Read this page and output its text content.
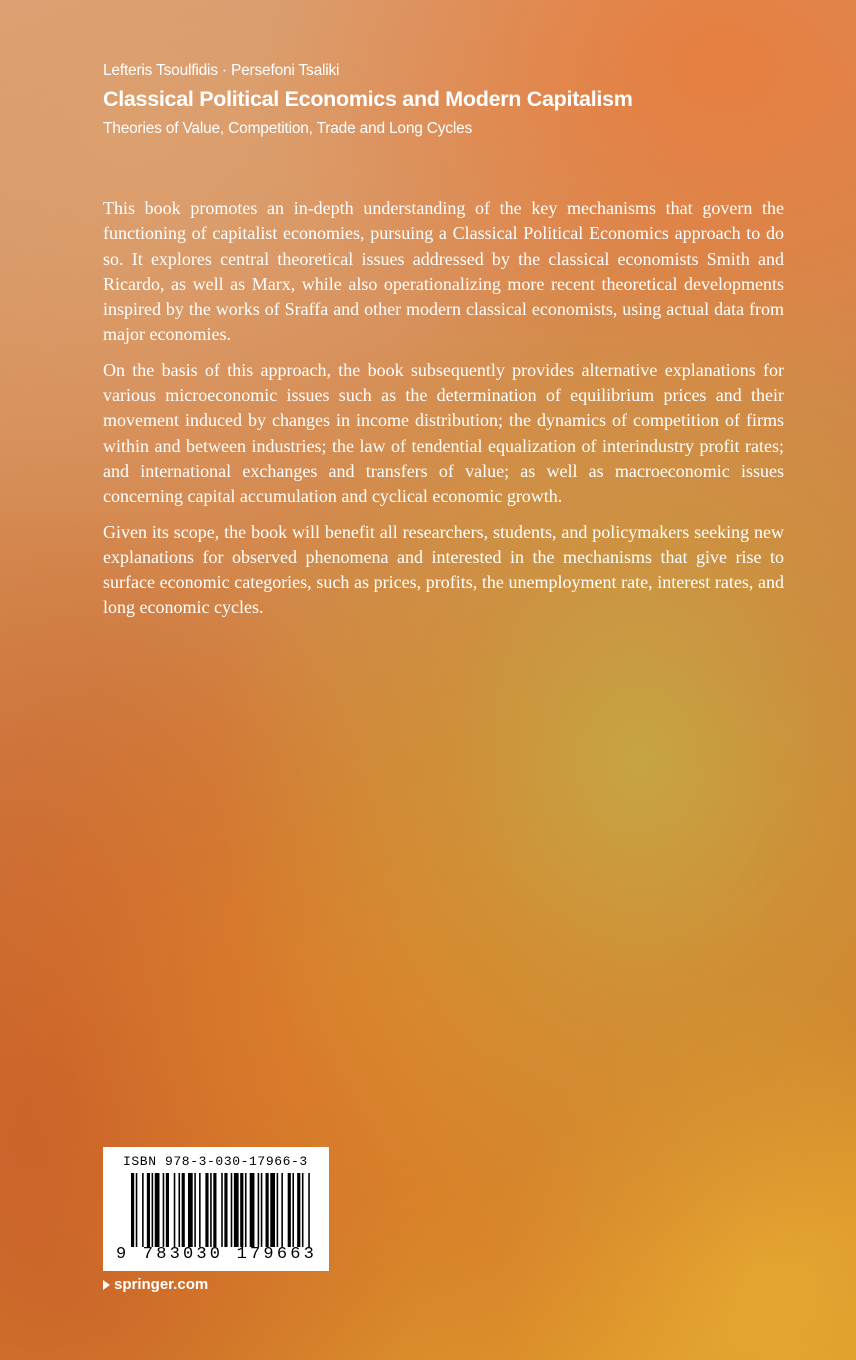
Lefteris Tsoulfidis · Persefoni Tsaliki
Classical Political Economics and Modern Capitalism
Theories of Value, Competition, Trade and Long Cycles

This book promotes an in-depth understanding of the key mechanisms that govern the functioning of capitalist economies, pursuing a Classical Political Economics approach to do so. It explores central theoretical issues addressed by the classical economists Smith and Ricardo, as well as Marx, while also operationalizing more recent theoretical developments inspired by the works of Sraffa and other modern classical economists, using actual data from major economies.

On the basis of this approach, the book subsequently provides alternative explanations for various microeconomic issues such as the determination of equilibrium prices and their movement induced by changes in income distribution; the dynamics of competition of firms within and between industries; the law of tendential equalization of interindustry profit rates; and international exchanges and transfers of value; as well as macroeconomic issues concerning capital accumulation and cyclical economic growth.

Given its scope, the book will benefit all researchers, students, and policymakers seeking new explanations for observed phenomena and interested in the mechanisms that give rise to surface economic categories, such as prices, profits, the unemployment rate, interest rates, and long economic cycles.

ISBN 978-3-030-17966-3
9 783030 179663
springer.com
